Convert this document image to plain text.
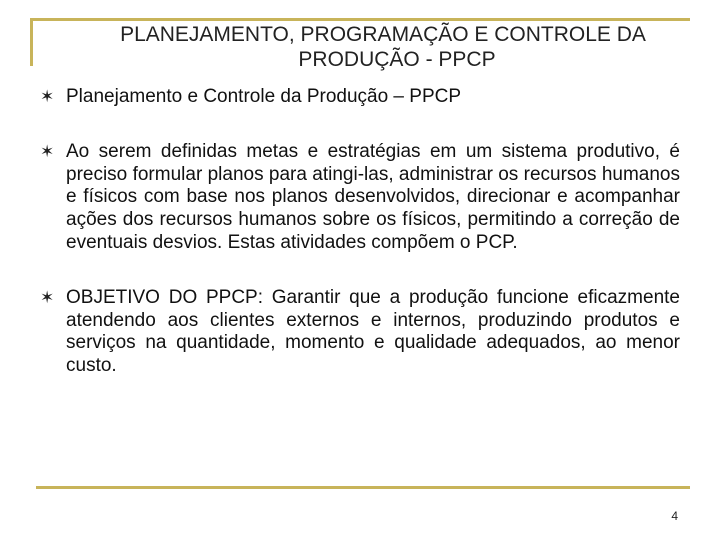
PLANEJAMENTO, PROGRAMAÇÃO E CONTROLE DA
PRODUÇÃO - PPCP
✶ Planejamento e Controle da Produção – PPCP
✶ Ao serem definidas metas e estratégias em um sistema produtivo, é preciso formular planos para atingi-las, administrar os recursos humanos e físicos com base nos planos desenvolvidos, direcionar e acompanhar ações dos recursos humanos sobre os físicos, permitindo a correção de eventuais desvios. Estas atividades compõem o PCP.
✶ OBJETIVO DO PPCP: Garantir que a produção funcione eficazmente atendendo aos clientes externos e internos, produzindo produtos e serviços na quantidade, momento e qualidade adequados, ao menor custo.
4
